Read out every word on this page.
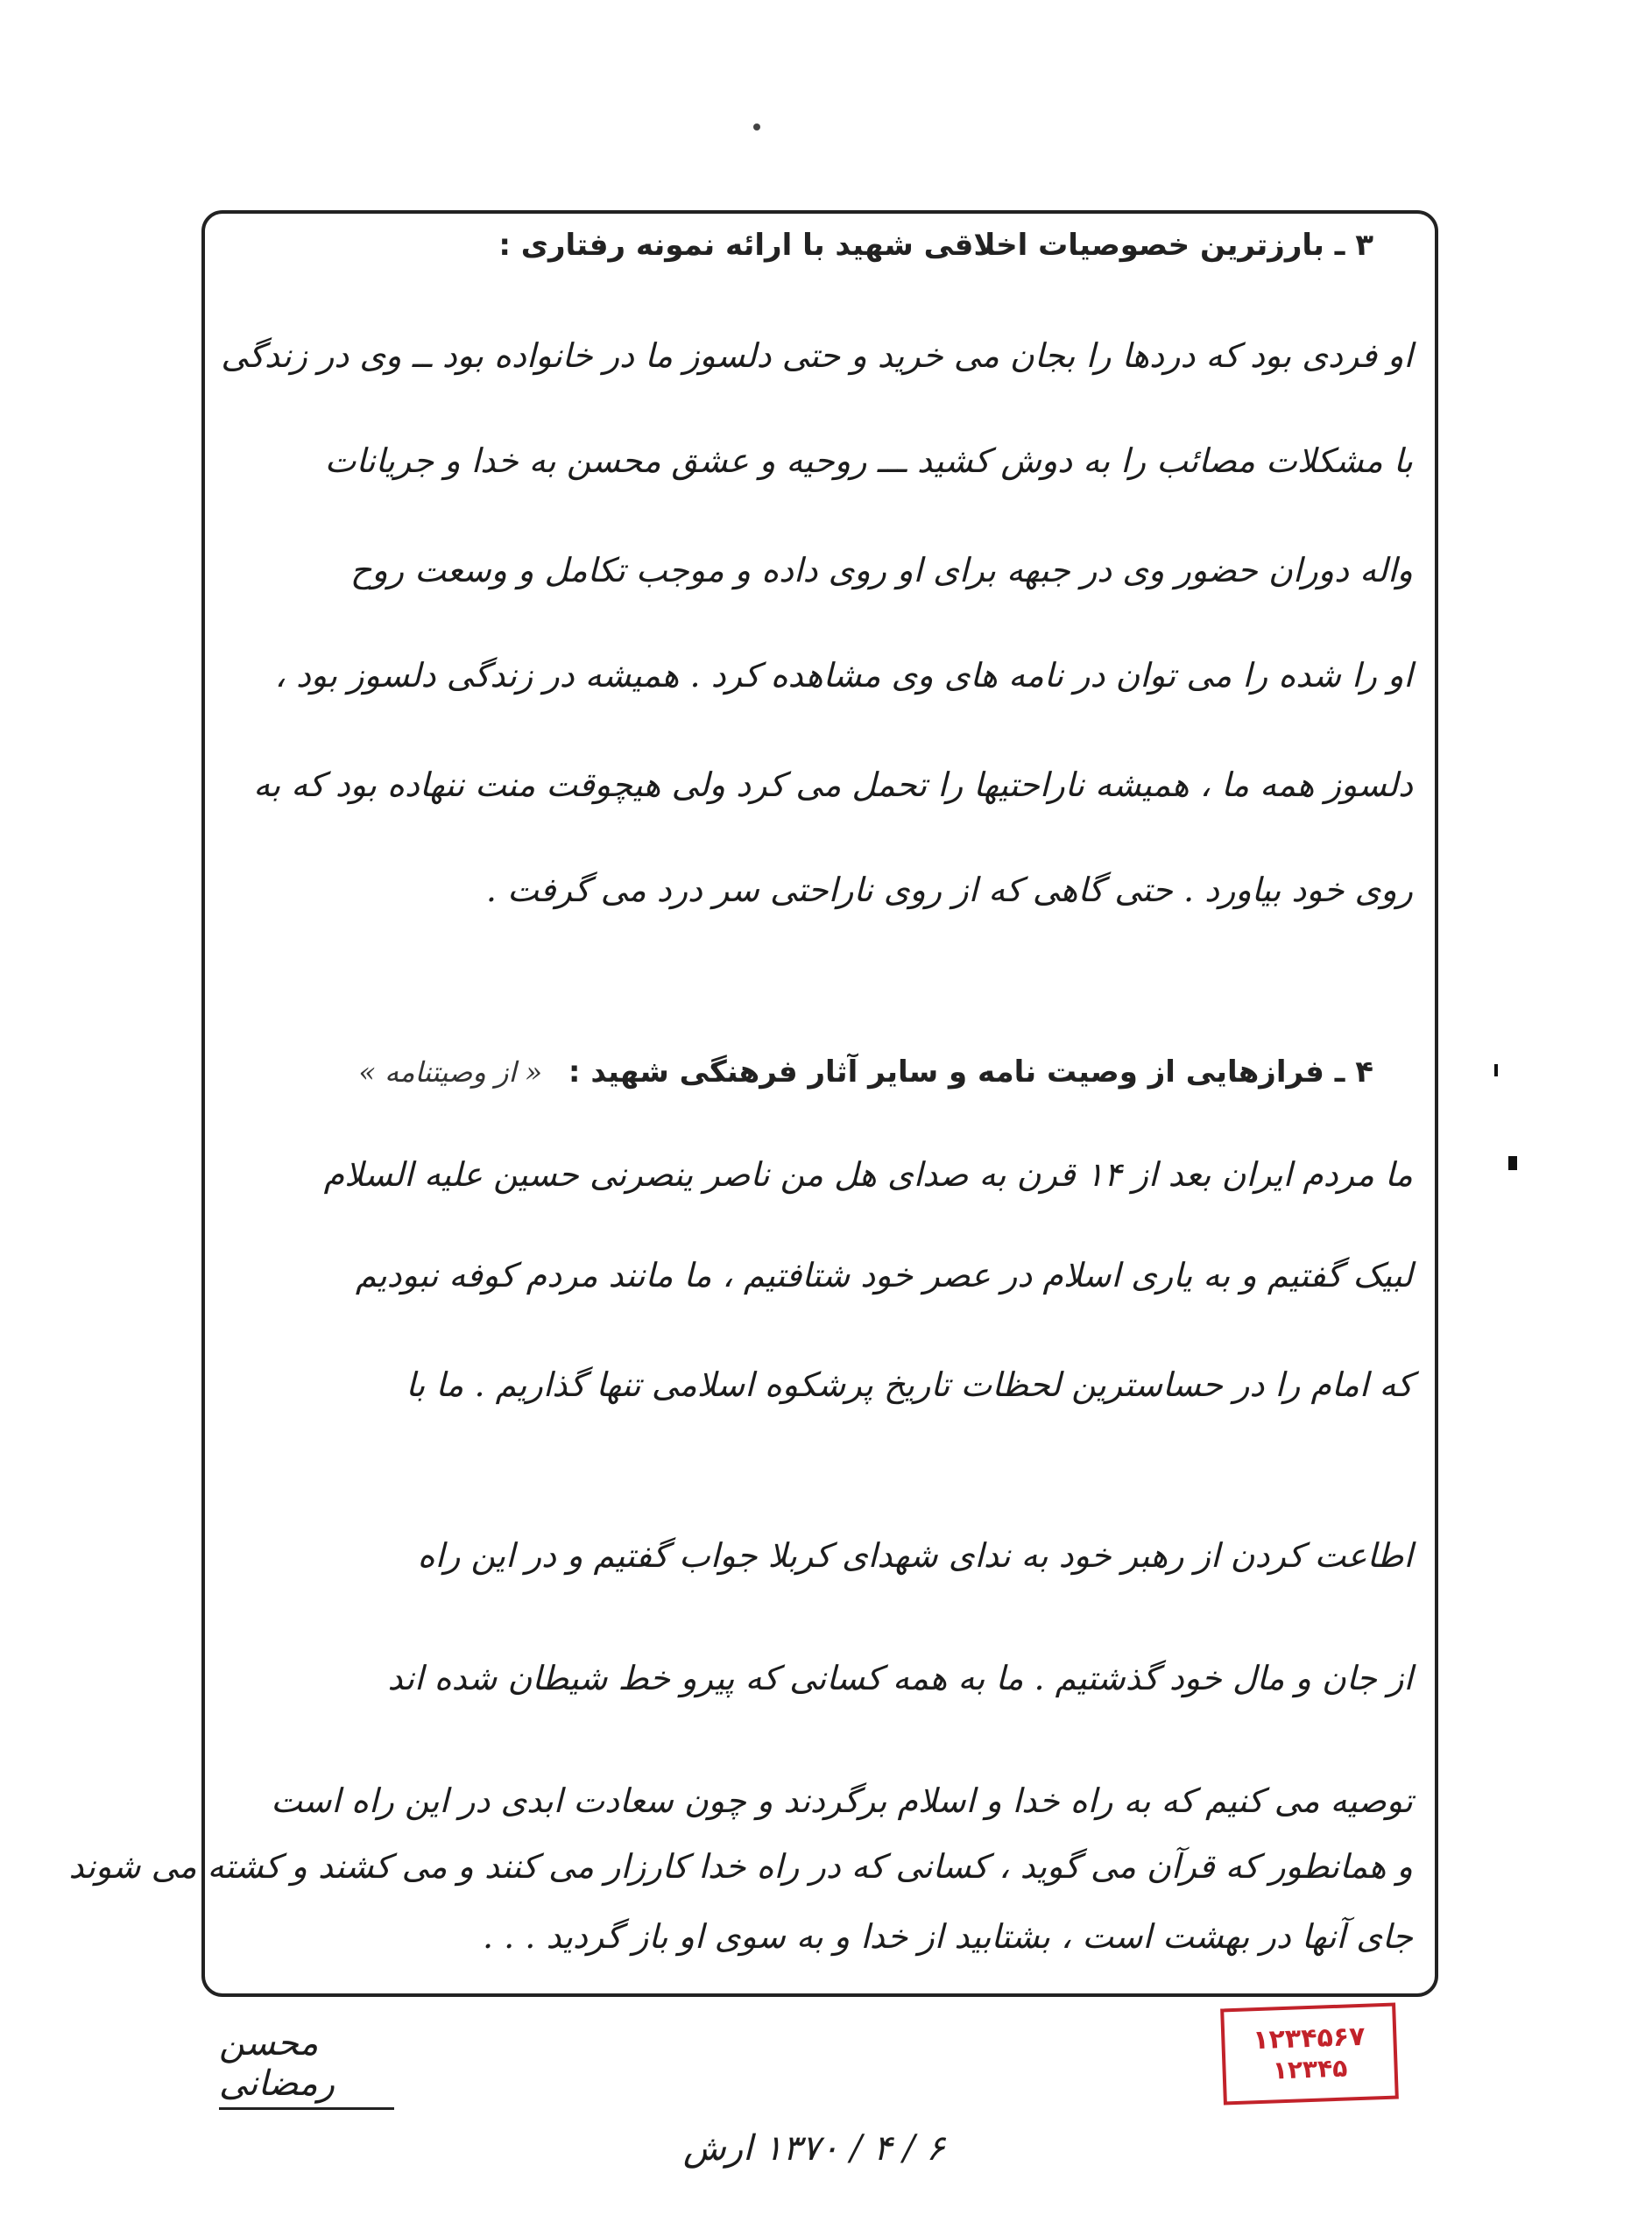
۳ ـ بارزترین خصوصیات اخلاقی شهید با ارائه نمونه رفتاری :
او فردی بود که دردها را بجان می خرید و حتی دلسوز ما در خانواده بود ــ وی در زندگی
با مشکلات مصائب را به دوش کشید ـــ روحیه و عشق محسن به خدا و جریانات
واله دوران حضور وی در جبهه برای او روی داده و موجب تکامل و وسعت روح
او را شده را می توان در نامه های وی مشاهده کرد . همیشه در زندگی دلسوز بود ،
دلسوز همه ما ، همیشه ناراحتیها را تحمل می کرد ولی هیچوقت منت ننهاده بود که به
روی خود بیاورد . حتی گاهی که از روی ناراحتی سر درد می گرفت .
۴ ـ فرازهایی از وصیت نامه و سایر آثار فرهنگی شهید : « از وصیتنامه »
ما مردم ایران بعد از ۱۴ قرن به صدای هل من ناصر ینصرنی حسین علیه السلام
لبیک گفتیم و به یاری اسلام در عصر خود شتافتیم ، ما مانند مردم کوفه نبودیم
که امام را در حساسترین لحظات تاریخ پرشکوه اسلامی تنها گذاریم . ما با
اطاعت کردن از رهبر خود به ندای شهدای کربلا جواب گفتیم و در این راه
از جان و مال خود گذشتیم . ما به همه کسانی که پیرو خط شیطان شده اند
توصیه می کنیم که به راه خدا و اسلام برگردند و چون سعادت ابدی در این راه است
و همانطور که قرآن می گوید ، کسانی که در راه خدا کارزار می کنند و می کشند و کشته می شوند
جای آنها در بهشت است ، بشتابید از خدا و به سوی او باز گردید . . .
محسن رمضانی
۱۲۳۴۵۶۷
۱۲۳۴۵
۶ / ۴ / ۱۳۷۰ ارش
